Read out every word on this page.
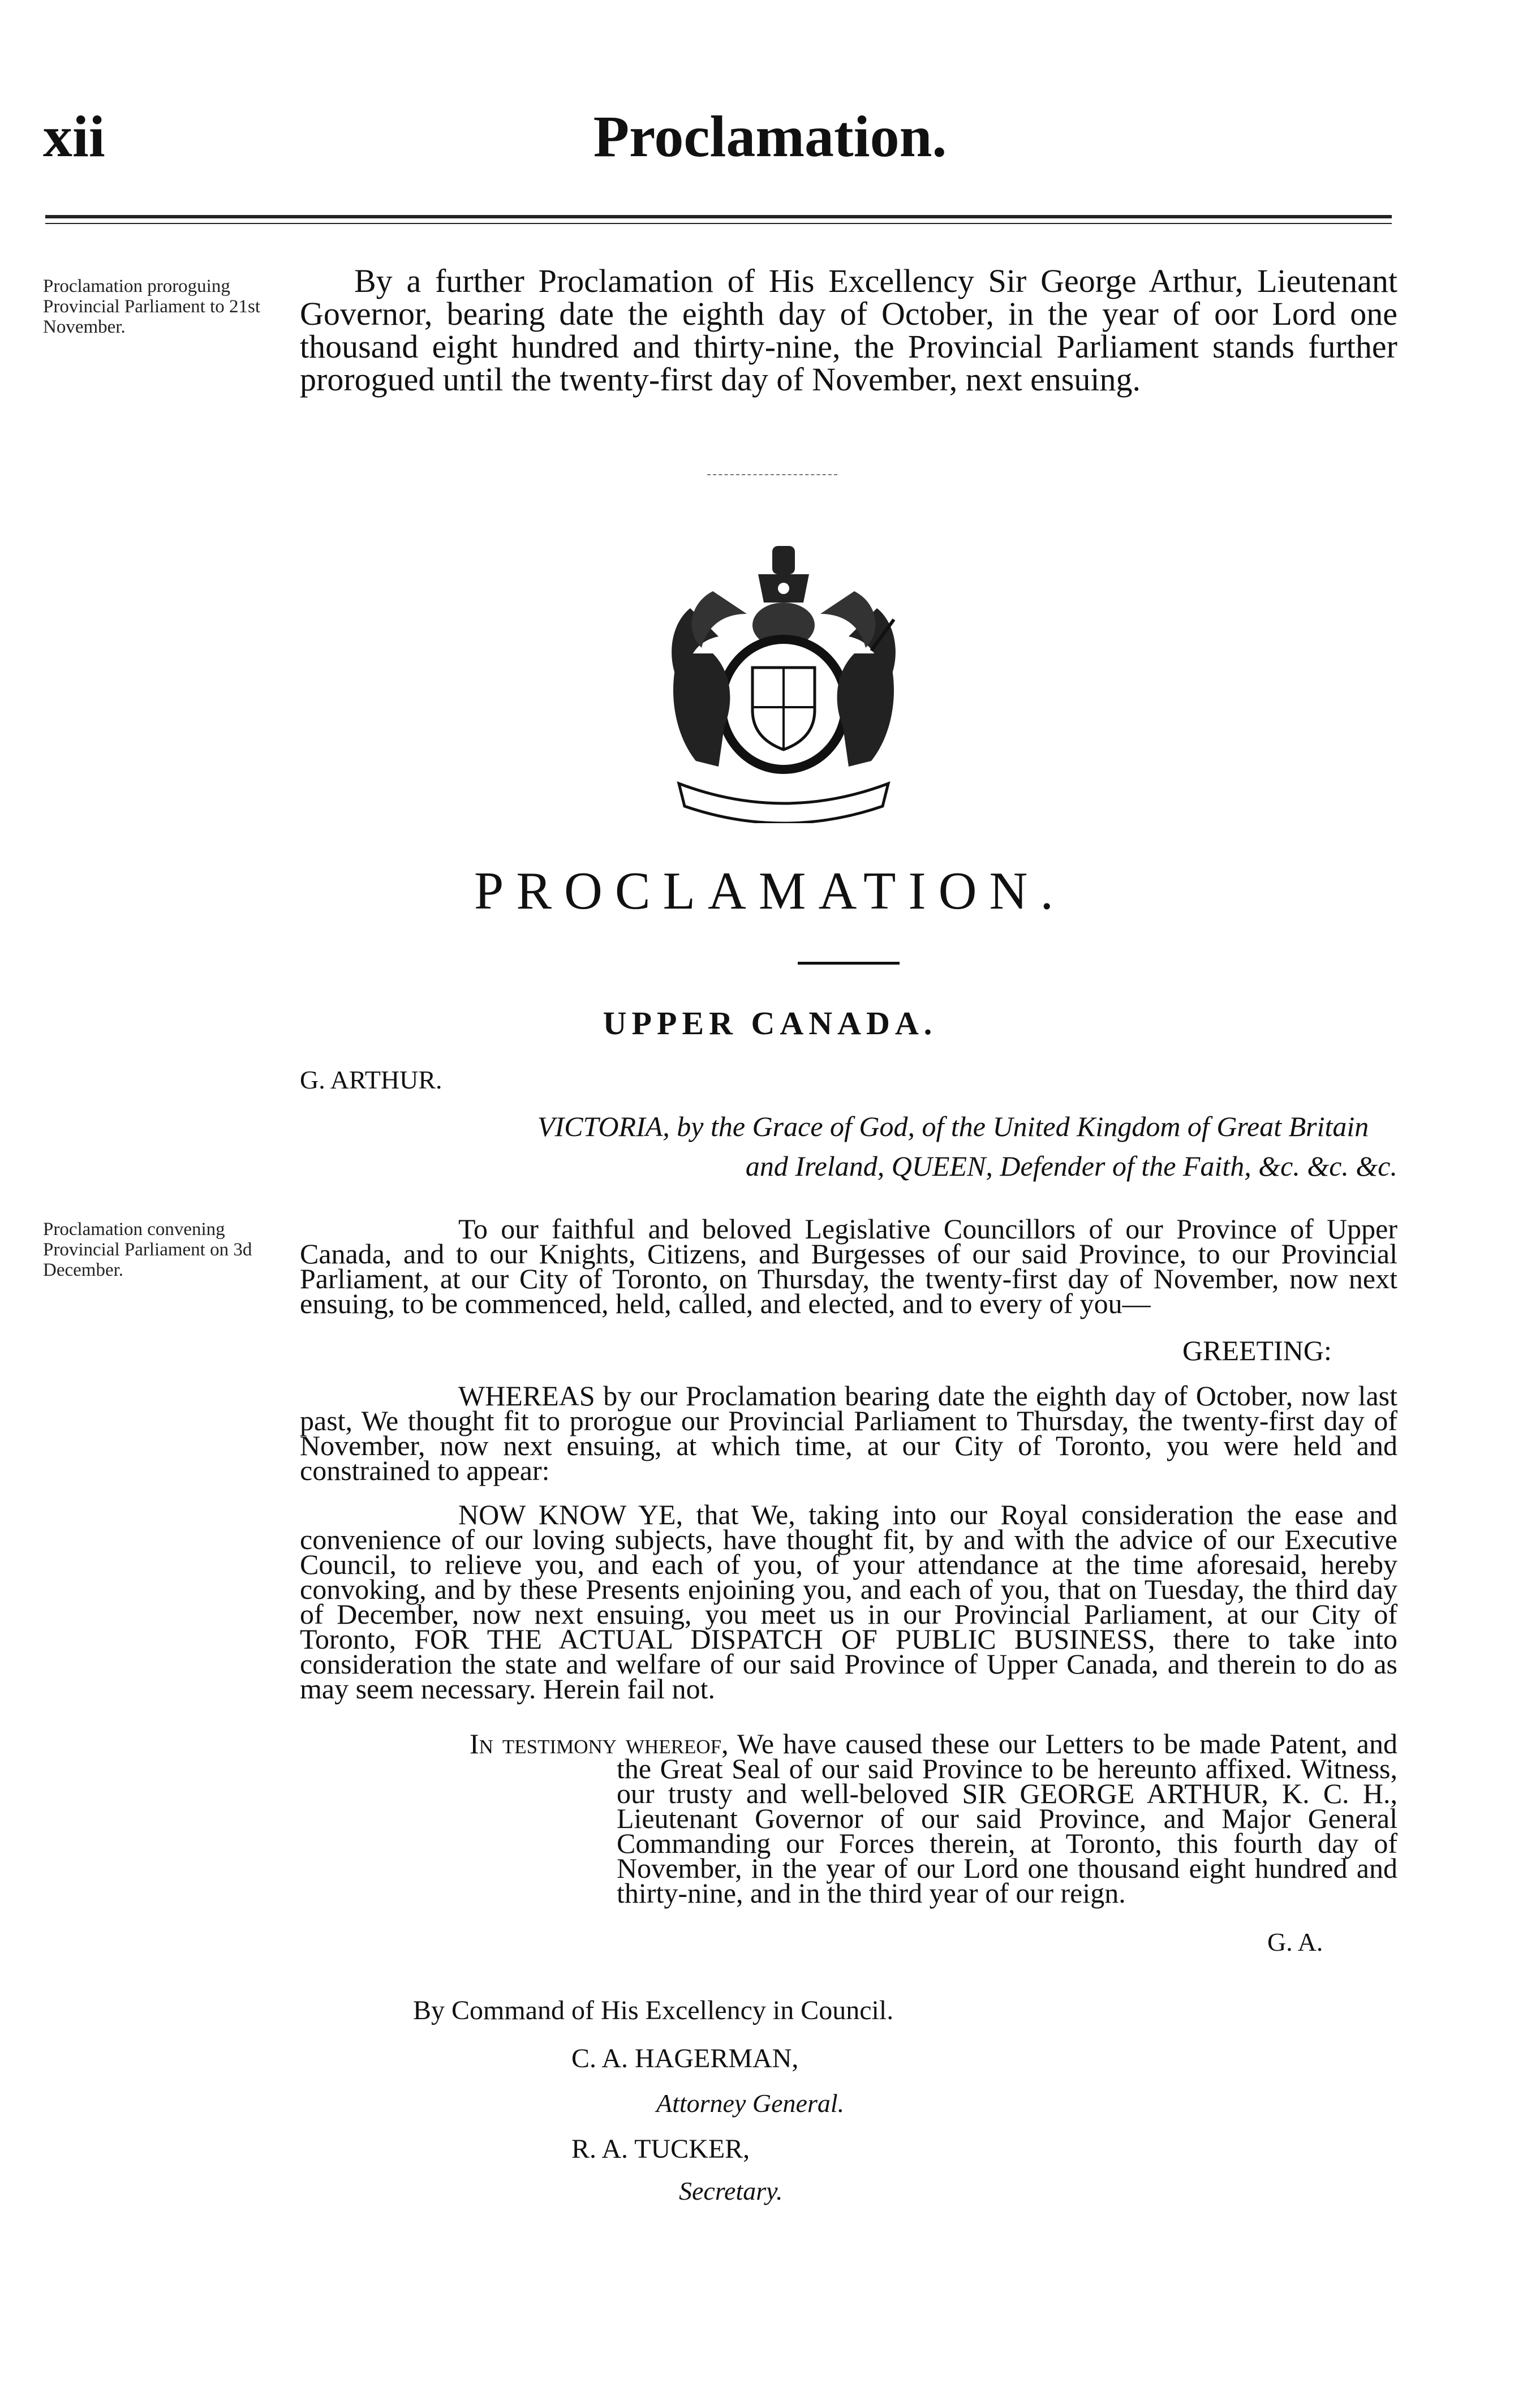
xii	Proclamation.
Proclamation proroguing Provincial Parliament to 21st November.
By a further Proclamation of His Excellency Sir George Arthur, Lieutenant Governor, bearing date the eighth day of October, in the year of oor Lord one thousand eight hundred and thirty-nine, the Provincial Parliament stands further prorogued until the twenty-first day of November, next ensuing.
PROCLAMATION.
UPPER CANADA.
G. ARTHUR.
VICTORIA, by the Grace of God, of the United Kingdom of Great Britain
and Ireland, QUEEN, Defender of the Faith, &c. &c. &c.
Proclamation convening Provincial Parliament on 3d December.
To our faithful and beloved Legislative Councillors of our Province of Upper Canada, and to our Knights, Citizens, and Burgesses of our said Province, to our Provincial Parliament, at our City of Toronto, on Thursday, the twenty-first day of November, now next ensuing, to be commenced, held, called, and elected, and to every of you—
GREETING:
WHEREAS by our Proclamation bearing date the eighth day of October, now last past, We thought fit to prorogue our Provincial Parliament to Thursday, the twenty-first day of November, now next ensuing, at which time, at our City of Toronto, you were held and constrained to appear:
NOW KNOW YE, that We, taking into our Royal consideration the ease and convenience of our loving subjects, have thought fit, by and with the advice of our Executive Council, to relieve you, and each of you, of your attendance at the time aforesaid, hereby convoking, and by these Presents enjoining you, and each of you, that on Tuesday, the third day of December, now next ensuing, you meet us in our Provincial Parliament, at our City of Toronto, FOR THE ACTUAL DISPATCH OF PUBLIC BUSINESS, there to take into consideration the state and welfare of our said Province of Upper Canada, and therein to do as may seem necessary. Herein fail not.
In testimony whereof, We have caused these our Letters to be made Patent, and the Great Seal of our said Province to be hereunto affixed. Witness, our trusty and well-beloved SIR GEORGE ARTHUR, K. C. H., Lieutenant Governor of our said Province, and Major General Commanding our Forces therein, at Toronto, this fourth day of November, in the year of our Lord one thousand eight hundred and thirty-nine, and in the third year of our reign.
G. A.
By Command of His Excellency in Council.
C. A. HAGERMAN,
Attorney General.
R. A. TUCKER,
Secretary.
